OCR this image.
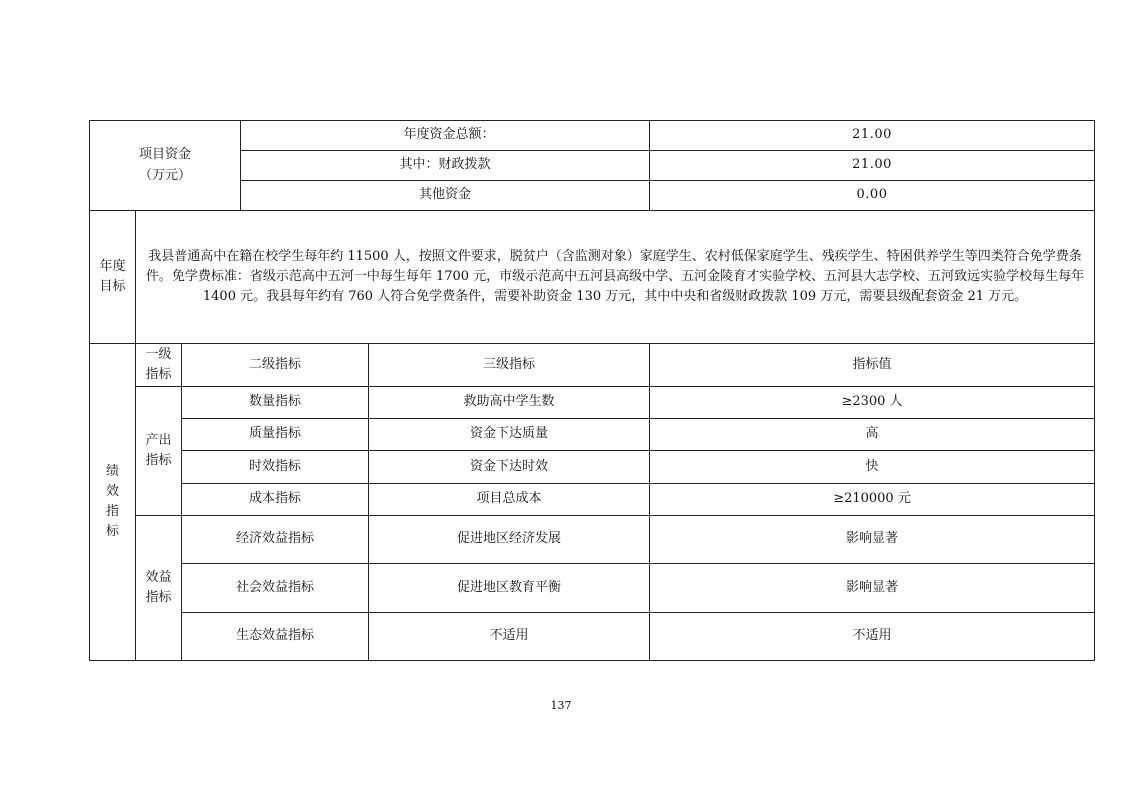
项目资金
（万元）			年度资金总额：		21.00
			其中：财政拨款		21.00
			其他资金		0.00

年度
目标	我县普通高中在籍在校学生每年约 11500 人，按照文件要求，脱贫户（含监测对象）家庭学生、农村低保家庭学生、残疾学生、特困供养学生等四类符合免学费条件。免学费标准：省级示范高中五河一中每生每年 1700 元，市级示范高中五河县高级中学、五河金陵育才实验学校、五河县大志学校、五河致远实验学校每生每年 1400 元。我县每年约有 760 人符合免学费条件，需要补助资金 130 万元，其中中央和省级财政拨款 109 万元，需要县级配套资金 21 万元。				

绩
效
指
标	一级
指标	二级指标		三级指标	指标值

	产出
指标	数量指标		救助高中学生数	≥2300 人
		质量指标		资金下达质量	高
		时效指标		资金下达时效	快
		成本指标		项目总成本	≥210000 元

	效益
指标	经济效益指标		促进地区经济发展	影响显著
		社会效益指标		促进地区教育平衡	影响显著
		生态效益指标		不适用	不适用
137
